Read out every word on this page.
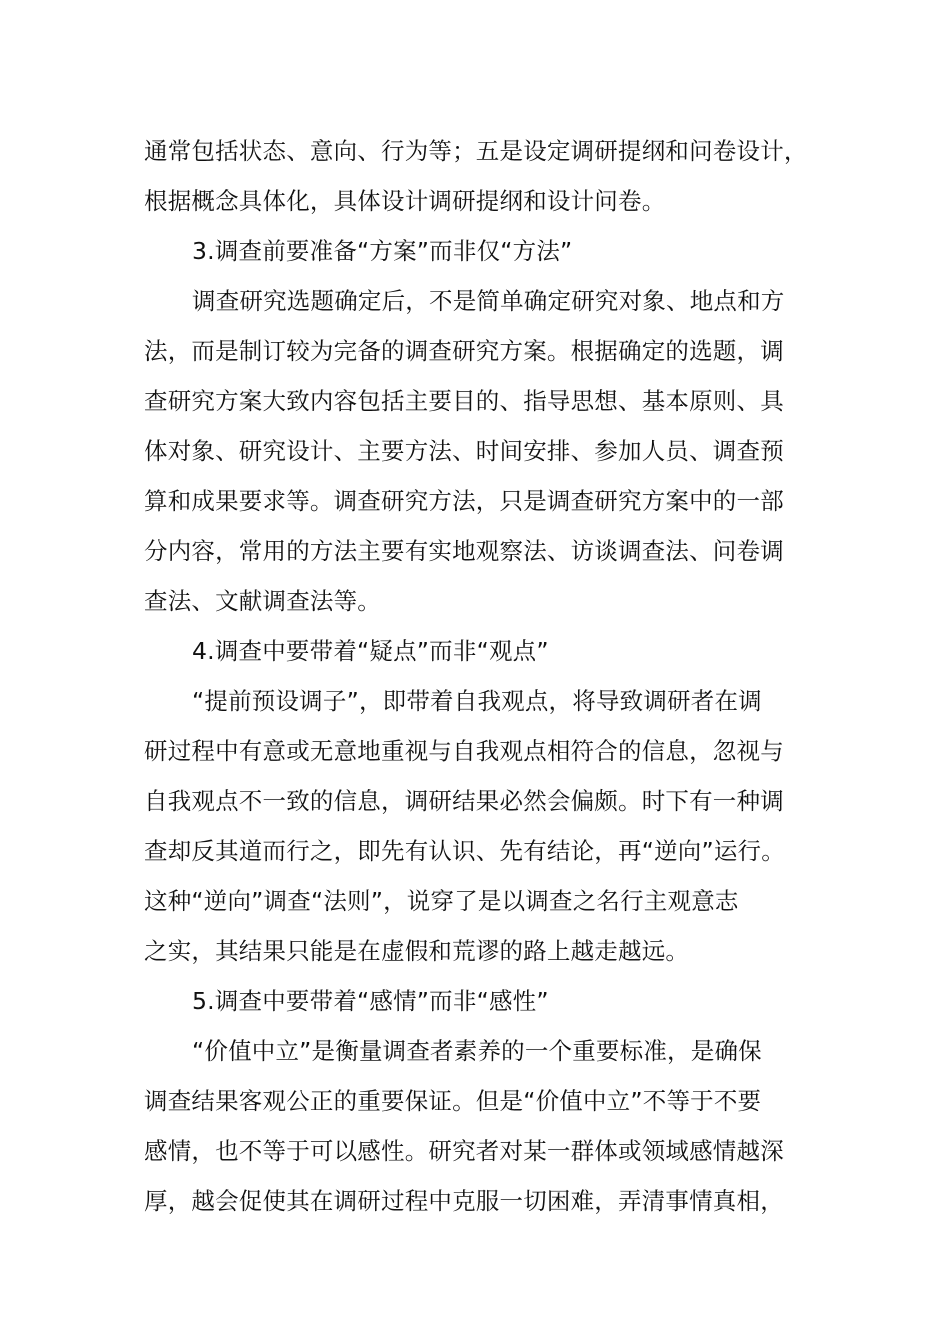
通常包括状态、意向、行为等；五是设定调研提纲和问卷设计，
根据概念具体化，具体设计调研提纲和设计问卷。
3.调查前要准备“方案”而非仅“方法”
调查研究选题确定后，不是简单确定研究对象、地点和方
法，而是制订较为完备的调查研究方案。根据确定的选题，调
查研究方案大致内容包括主要目的、指导思想、基本原则、具
体对象、研究设计、主要方法、时间安排、参加人员、调查预
算和成果要求等。调查研究方法，只是调查研究方案中的一部
分内容，常用的方法主要有实地观察法、访谈调查法、问卷调
查法、文献调查法等。
4.调查中要带着“疑点”而非“观点”
“提前预设调子”，即带着自我观点，将导致调研者在调
研过程中有意或无意地重视与自我观点相符合的信息，忽视与
自我观点不一致的信息，调研结果必然会偏颇。时下有一种调
查却反其道而行之，即先有认识、先有结论，再“逆向”运行。
这种“逆向”调查“法则”，说穿了是以调查之名行主观意志
之实，其结果只能是在虚假和荒谬的路上越走越远。
5.调查中要带着“感情”而非“感性”
“价值中立”是衡量调查者素养的一个重要标准，是确保
调查结果客观公正的重要保证。但是“价值中立”不等于不要
感情，也不等于可以感性。研究者对某一群体或领域感情越深
厚，越会促使其在调研过程中克服一切困难，弄清事情真相，
